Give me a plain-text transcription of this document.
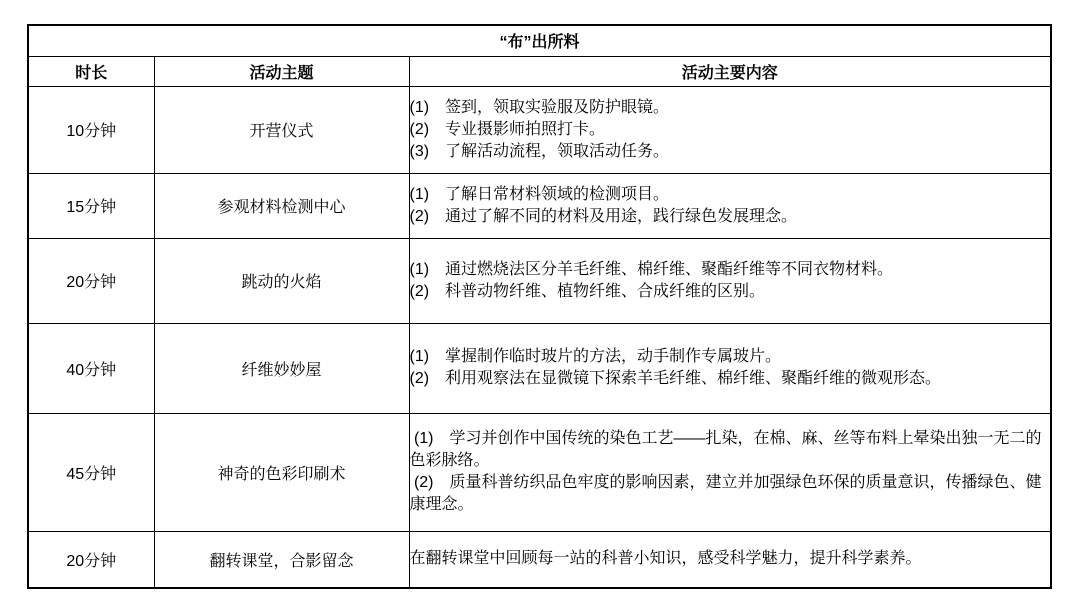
“布”出所料		
时长	活动主题	活动主要内容
10分钟	开营仪式	(1)　签到，领取实验服及防护眼镜。
(2)　专业摄影师拍照打卡。
(3)　了解活动流程，领取活动任务。

15分钟	参观材料检测中心	(1)　了解日常材料领域的检测项目。
(2)　通过了解不同的材料及用途，践行绿色发展理念。

20分钟	跳动的火焰	(1)　通过燃烧法区分羊毛纤维、棉纤维、聚酯纤维等不同衣物材料。
(2)　科普动物纤维、植物纤维、合成纤维的区别。

40分钟	纤维妙妙屋	(1)　掌握制作临时玻片的方法，动手制作专属玻片。
(2)　利用观察法在显微镜下探索羊毛纤维、棉纤维、聚酯纤维的微观形态。

45分钟	神奇的色彩印刷术	(1)　学习并创作中国传统的染色工艺——扎染，在棉、麻、丝等布料上晕染出独一无二的色彩脉络。
(2)　质量科普纺织品色牢度的影响因素，建立并加强绿色环保的质量意识，传播绿色、健康理念。

20分钟	翻转课堂，合影留念	在翻转课堂中回顾每一站的科普小知识，感受科学魅力，提升科学素养。
